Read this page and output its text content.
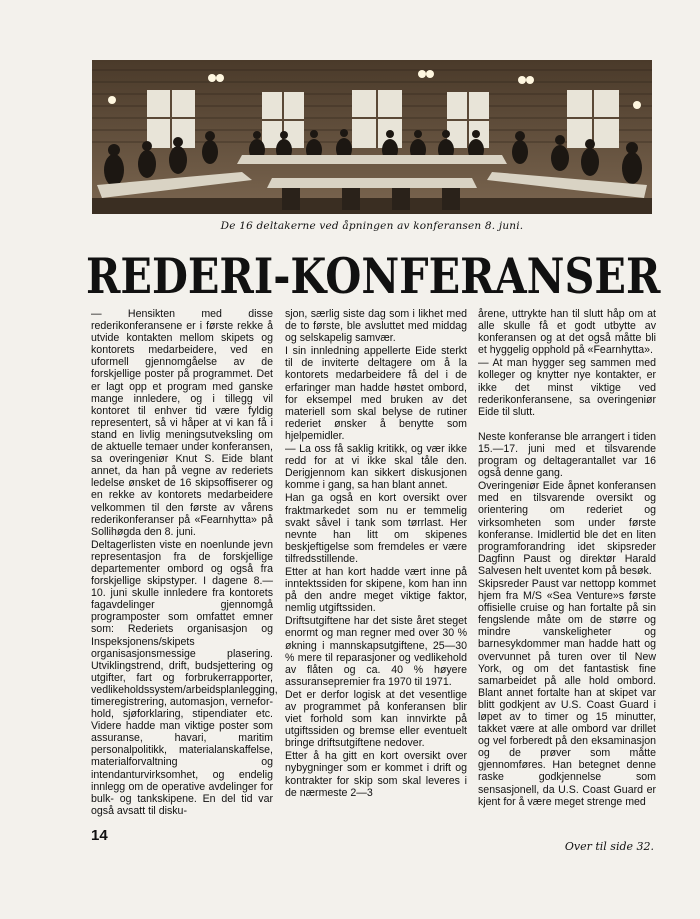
De 16 deltakerne ved åpningen av konferansen 8. juni.
REDERI-KONFERANSER

— Hensikten med disse rederikonferansene er i første rekke å utvide kontakten mellom skipets og kontorets medarbeidere, ved en uformell gjennomgåelse av de forskjellige poster på programmet. Det er lagt opp et program med ganske mange innledere, og i tillegg vil kontoret til enhver tid være fyldig representert, så vi håper at vi kan få i stand en livlig meningsutveksling om de aktuelle temaer under konferansen, sa overingeniør Knut S. Eide blant annet, da han på vegne av rederiets ledelse ønsket de 16 skipsoffiserer og en rekke av kontorets medarbeidere velkommen til den første av vårens rederikonferanser på «Fearnhytta» på Sollihøgda den 8. juni.

Deltagerlisten viste en noenlunde jevn representasjon fra de forskjellige departementer ombord og også fra forskjellige skipstyper. I dagene 8.—10. juni skulle innledere fra kontorets fagavdelinger gjennomgå programposter som omfattet emner som: Rederiets organisasjon og Inspeksjonens/skipets organisasjonsmessige plasering. Utviklingstrend, drift, budsjettering og utgifter, fart og forbrukerrapporter, vedlikeholdssystem/arbeidsplanlegging, timeregistrering, automasjon, vernefor-hold, sjøforklaring, stipendiater etc. Videre hadde man viktige poster som assuranse, havari, maritim personalpolitikk, materialanskaffelse, materialforvaltning og intendanturvirksomhet, og endelig innlegg om de operative avdelinger for bulk- og tankskipene. En del tid var også avsatt til disku-

sjon, særlig siste dag som i likhet med de to første, ble avsluttet med middag og selskapelig samvær.

I sin innledning appellerte Eide sterkt til de inviterte deltagere om å la kontorets medarbeidere få del i de erfaringer man hadde høstet ombord, for eksempel med bruken av det materiell som skal belyse de rutiner rederiet ønsker å benytte som hjelpemidler.

— La oss få saklig kritikk, og vær ikke redd for at vi ikke skal tåle den. Derigjennom kan sikkert diskusjonen komme i gang, sa han blant annet.

Han ga også en kort oversikt over fraktmarkedet som nu er temmelig svakt såvel i tank som tørrlast. Her nevnte han litt om skipenes beskjeftigelse som fremdeles er være tilfredsstillende.

Etter at han kort hadde vært inne på inntektssiden for skipene, kom han inn på den andre meget viktige faktor, nemlig utgiftssiden.

Driftsutgiftene har det siste året steget enormt og man regner med over 30 % økning i mannskapsutgiftene, 25—30 % mere til reparasjoner og vedlikehold av flåten og ca. 40 % høyere assuransepremier fra 1970 til 1971.

Det er derfor logisk at det vesentlige av programmet på konferansen blir viet forhold som kan innvirkte på utgiftssiden og bremse eller eventuelt bringe driftsutgiftene nedover.

Etter å ha gitt en kort oversikt over nybygninger som er kommet i drift og kontrakter for skip som skal leveres i de nærmeste 2—3

årene, uttrykte han til slutt håp om at alle skulle få et godt utbytte av konferansen og at det også måtte bli et hyggelig opphold på «Fearnhytta».

— At man hygger seg sammen med kolleger og knytter nye kontakter, er ikke det minst viktige ved rederikonferansene, sa overingeniør Eide til slutt.

Neste konferanse ble arrangert i tiden 15.—17. juni med et tilsvarende program og deltagerantallet var 16 også denne gang.

Overingeniør Eide åpnet konferansen med en tilsvarende oversikt og orientering om rederiet og virksomheten som under første konferanse. Imidlertid ble det en liten programforandring idet skipsreder Dagfinn Paust og direktør Harald Salvesen helt uventet kom på besøk.

Skipsreder Paust var nettopp kommet hjem fra M/S «Sea Venture»s første offisielle cruise og han fortalte på sin fengslende måte om de større og mindre vanskeligheter og barnesykdommer man hadde hatt og overvunnet på turen over til New York, og om det fantastisk fine samarbeidet på alle hold ombord. Blant annet fortalte han at skipet var blitt godkjent av U.S. Coast Guard i løpet av to timer og 15 minutter, takket være at alle ombord var drillet og vel forberedt på den eksaminasjon og de prøver som måtte gjennomføres. Han betegnet denne raske godkjennelse som sensasjonell, da U.S. Coast Guard er kjent for å være meget strenge med

Over til side 32.
14
